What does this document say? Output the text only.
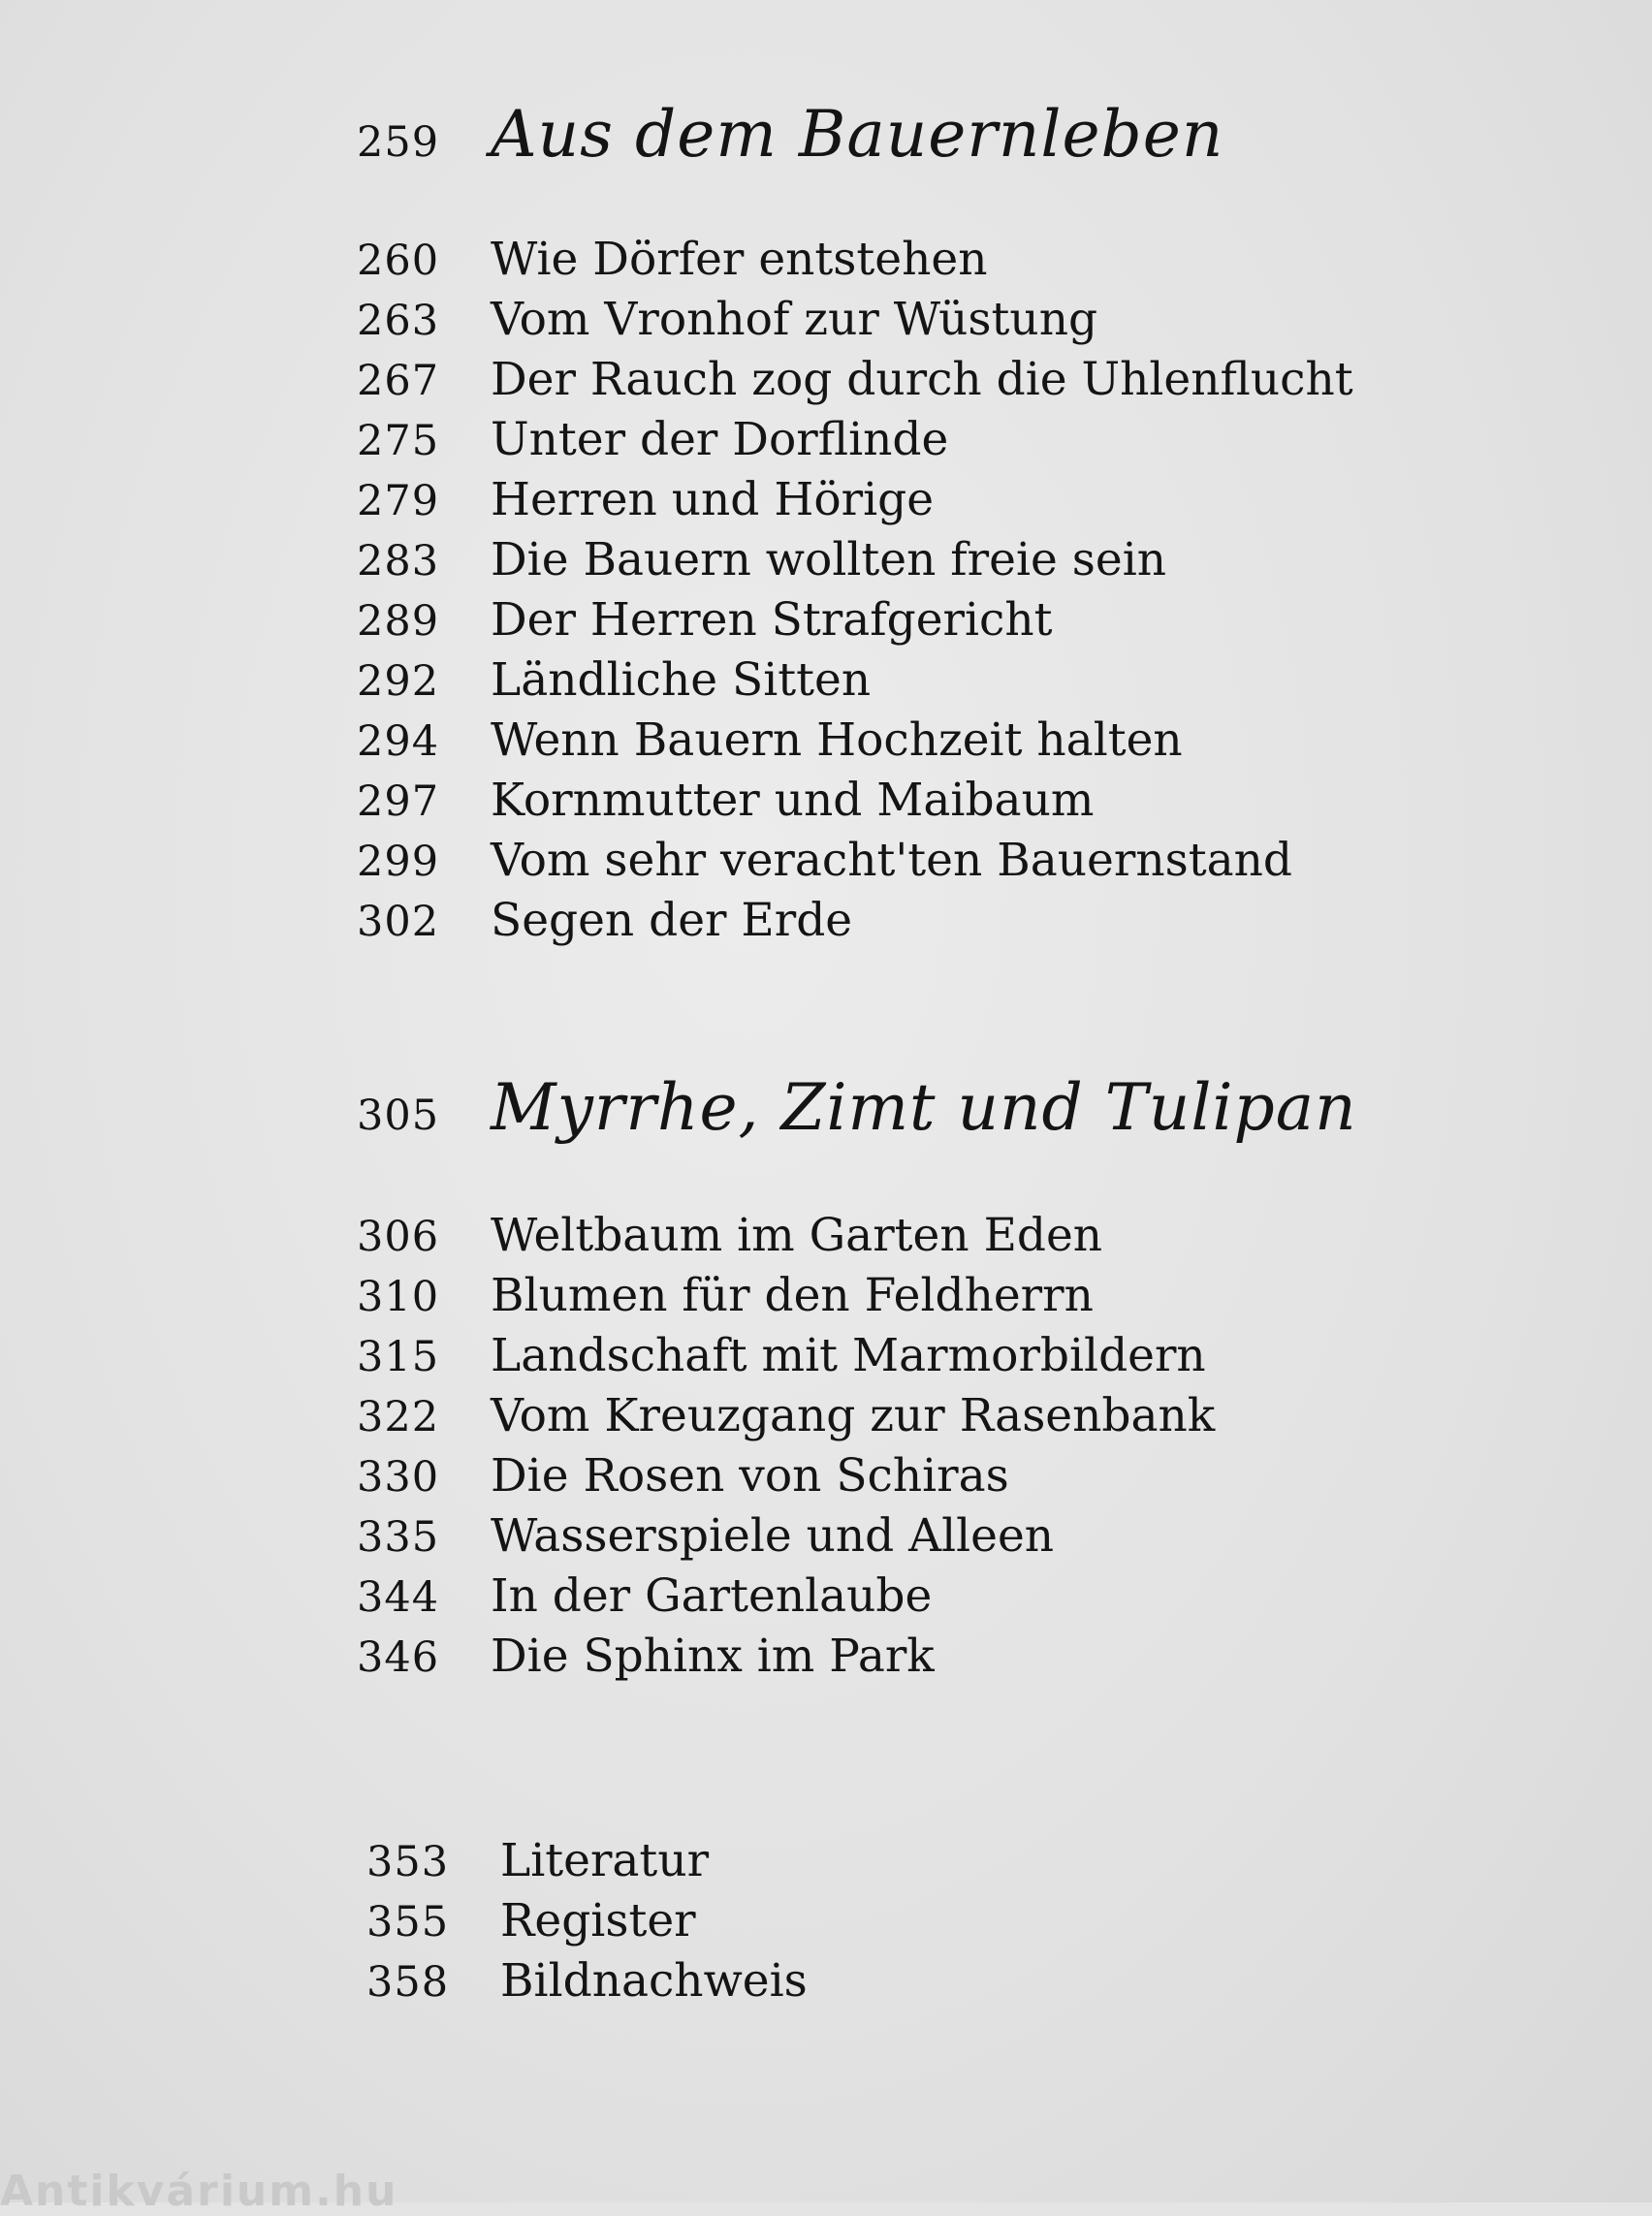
259 Aus dem Bauernleben
260	Wie Dörfer entstehen
263	Vom Vronhof zur Wüstung
267	Der Rauch zog durch die Uhlenflucht
275	Unter der Dorflinde
279	Herren und Hörige
283	Die Bauern wollten freie sein
289	Der Herren Strafgericht
292	Ländliche Sitten
294	Wenn Bauern Hochzeit halten
297	Kornmutter und Maibaum
299	Vom sehr veracht'ten Bauernstand
302	Segen der Erde
305 Myrrhe, Zimt und Tulipan
306	Weltbaum im Garten Eden
310	Blumen für den Feldherrn
315	Landschaft mit Marmorbildern
322	Vom Kreuzgang zur Rasenbank
330	Die Rosen von Schiras
335	Wasserspiele und Alleen
344	In der Gartenlaube
346	Die Sphinx im Park
353	Literatur
355	Register
358	Bildnachweis
Antikvárium.hu
